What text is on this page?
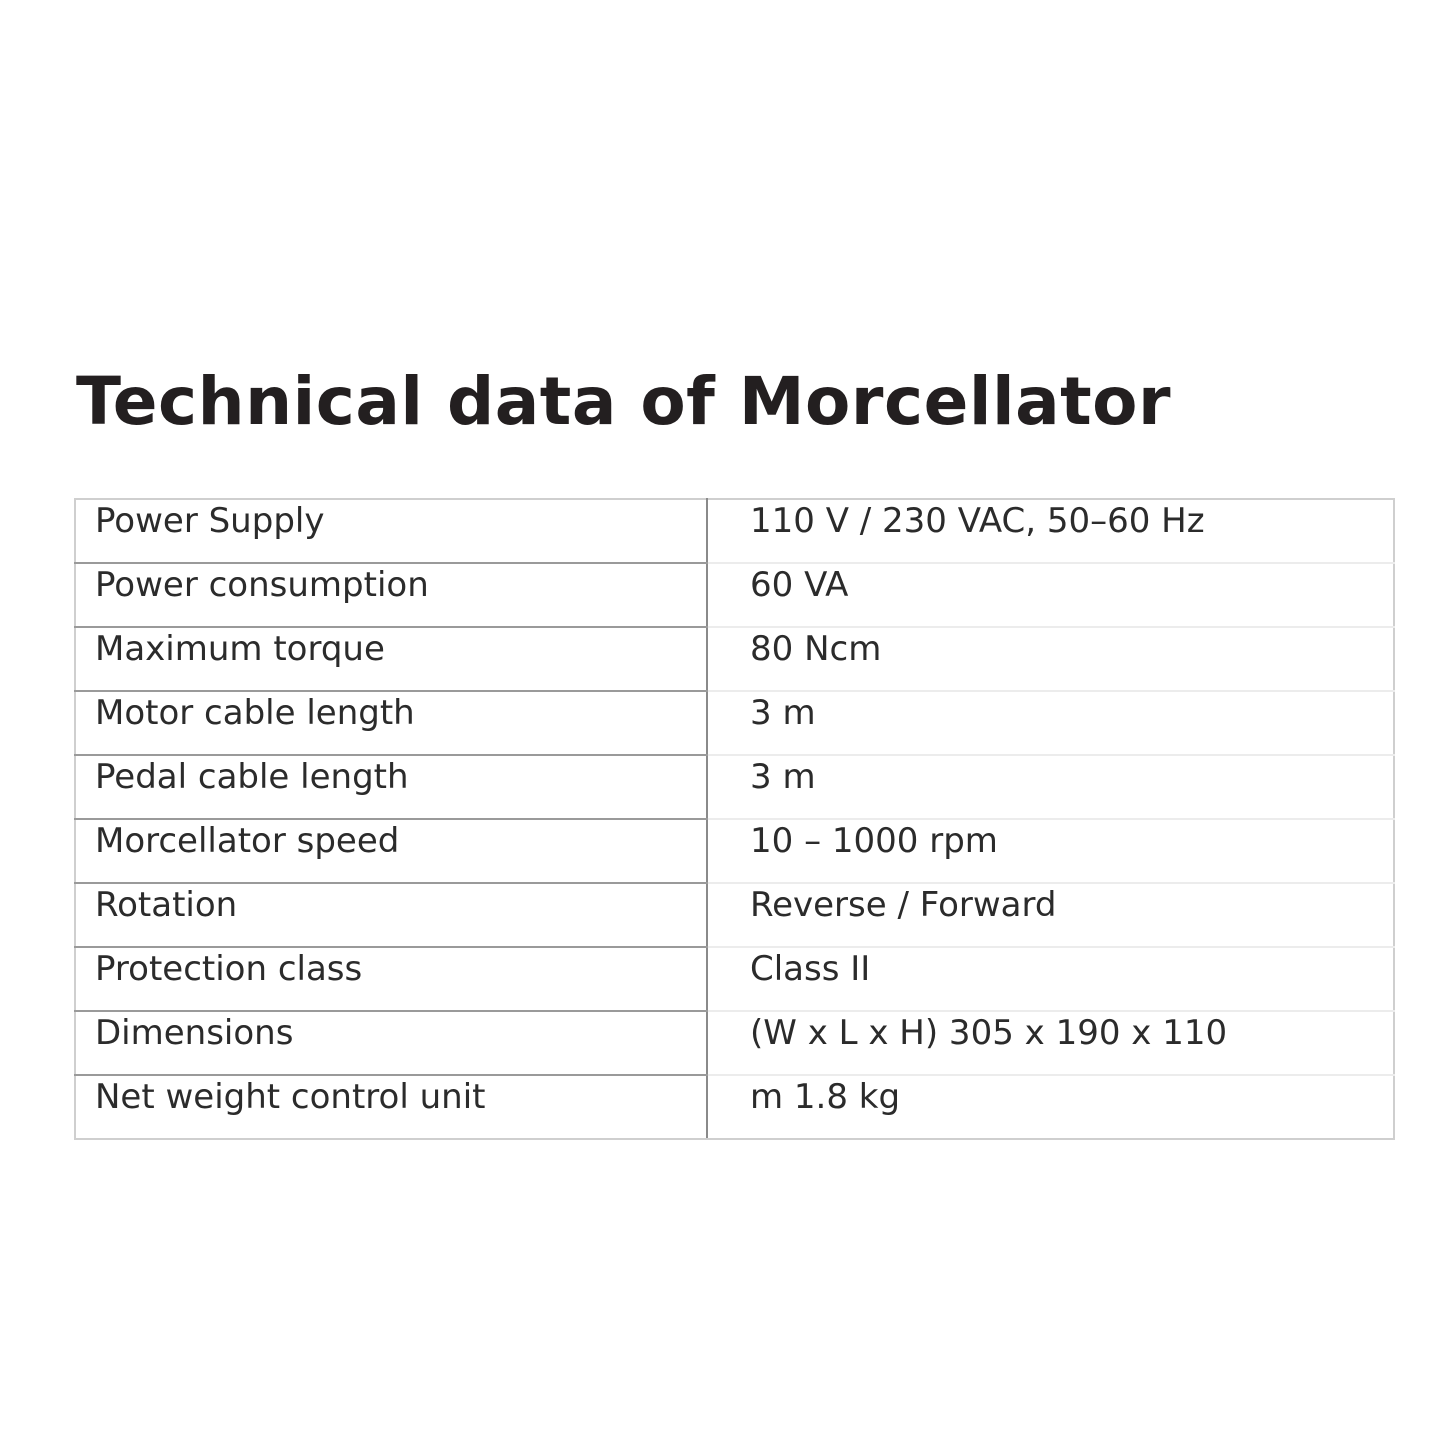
Technical data of Morcellator
Power Supply	110 V / 230 VAC, 50–60 Hz
Power consumption	60 VA
Maximum torque	80 Ncm
Motor cable length	3 m
Pedal cable length	3 m
Morcellator speed	10 – 1000 rpm
Rotation	Reverse / Forward
Protection class	Class II
Dimensions	(W x L x H) 305 x 190 x 110
Net weight control unit	m 1.8 kg
